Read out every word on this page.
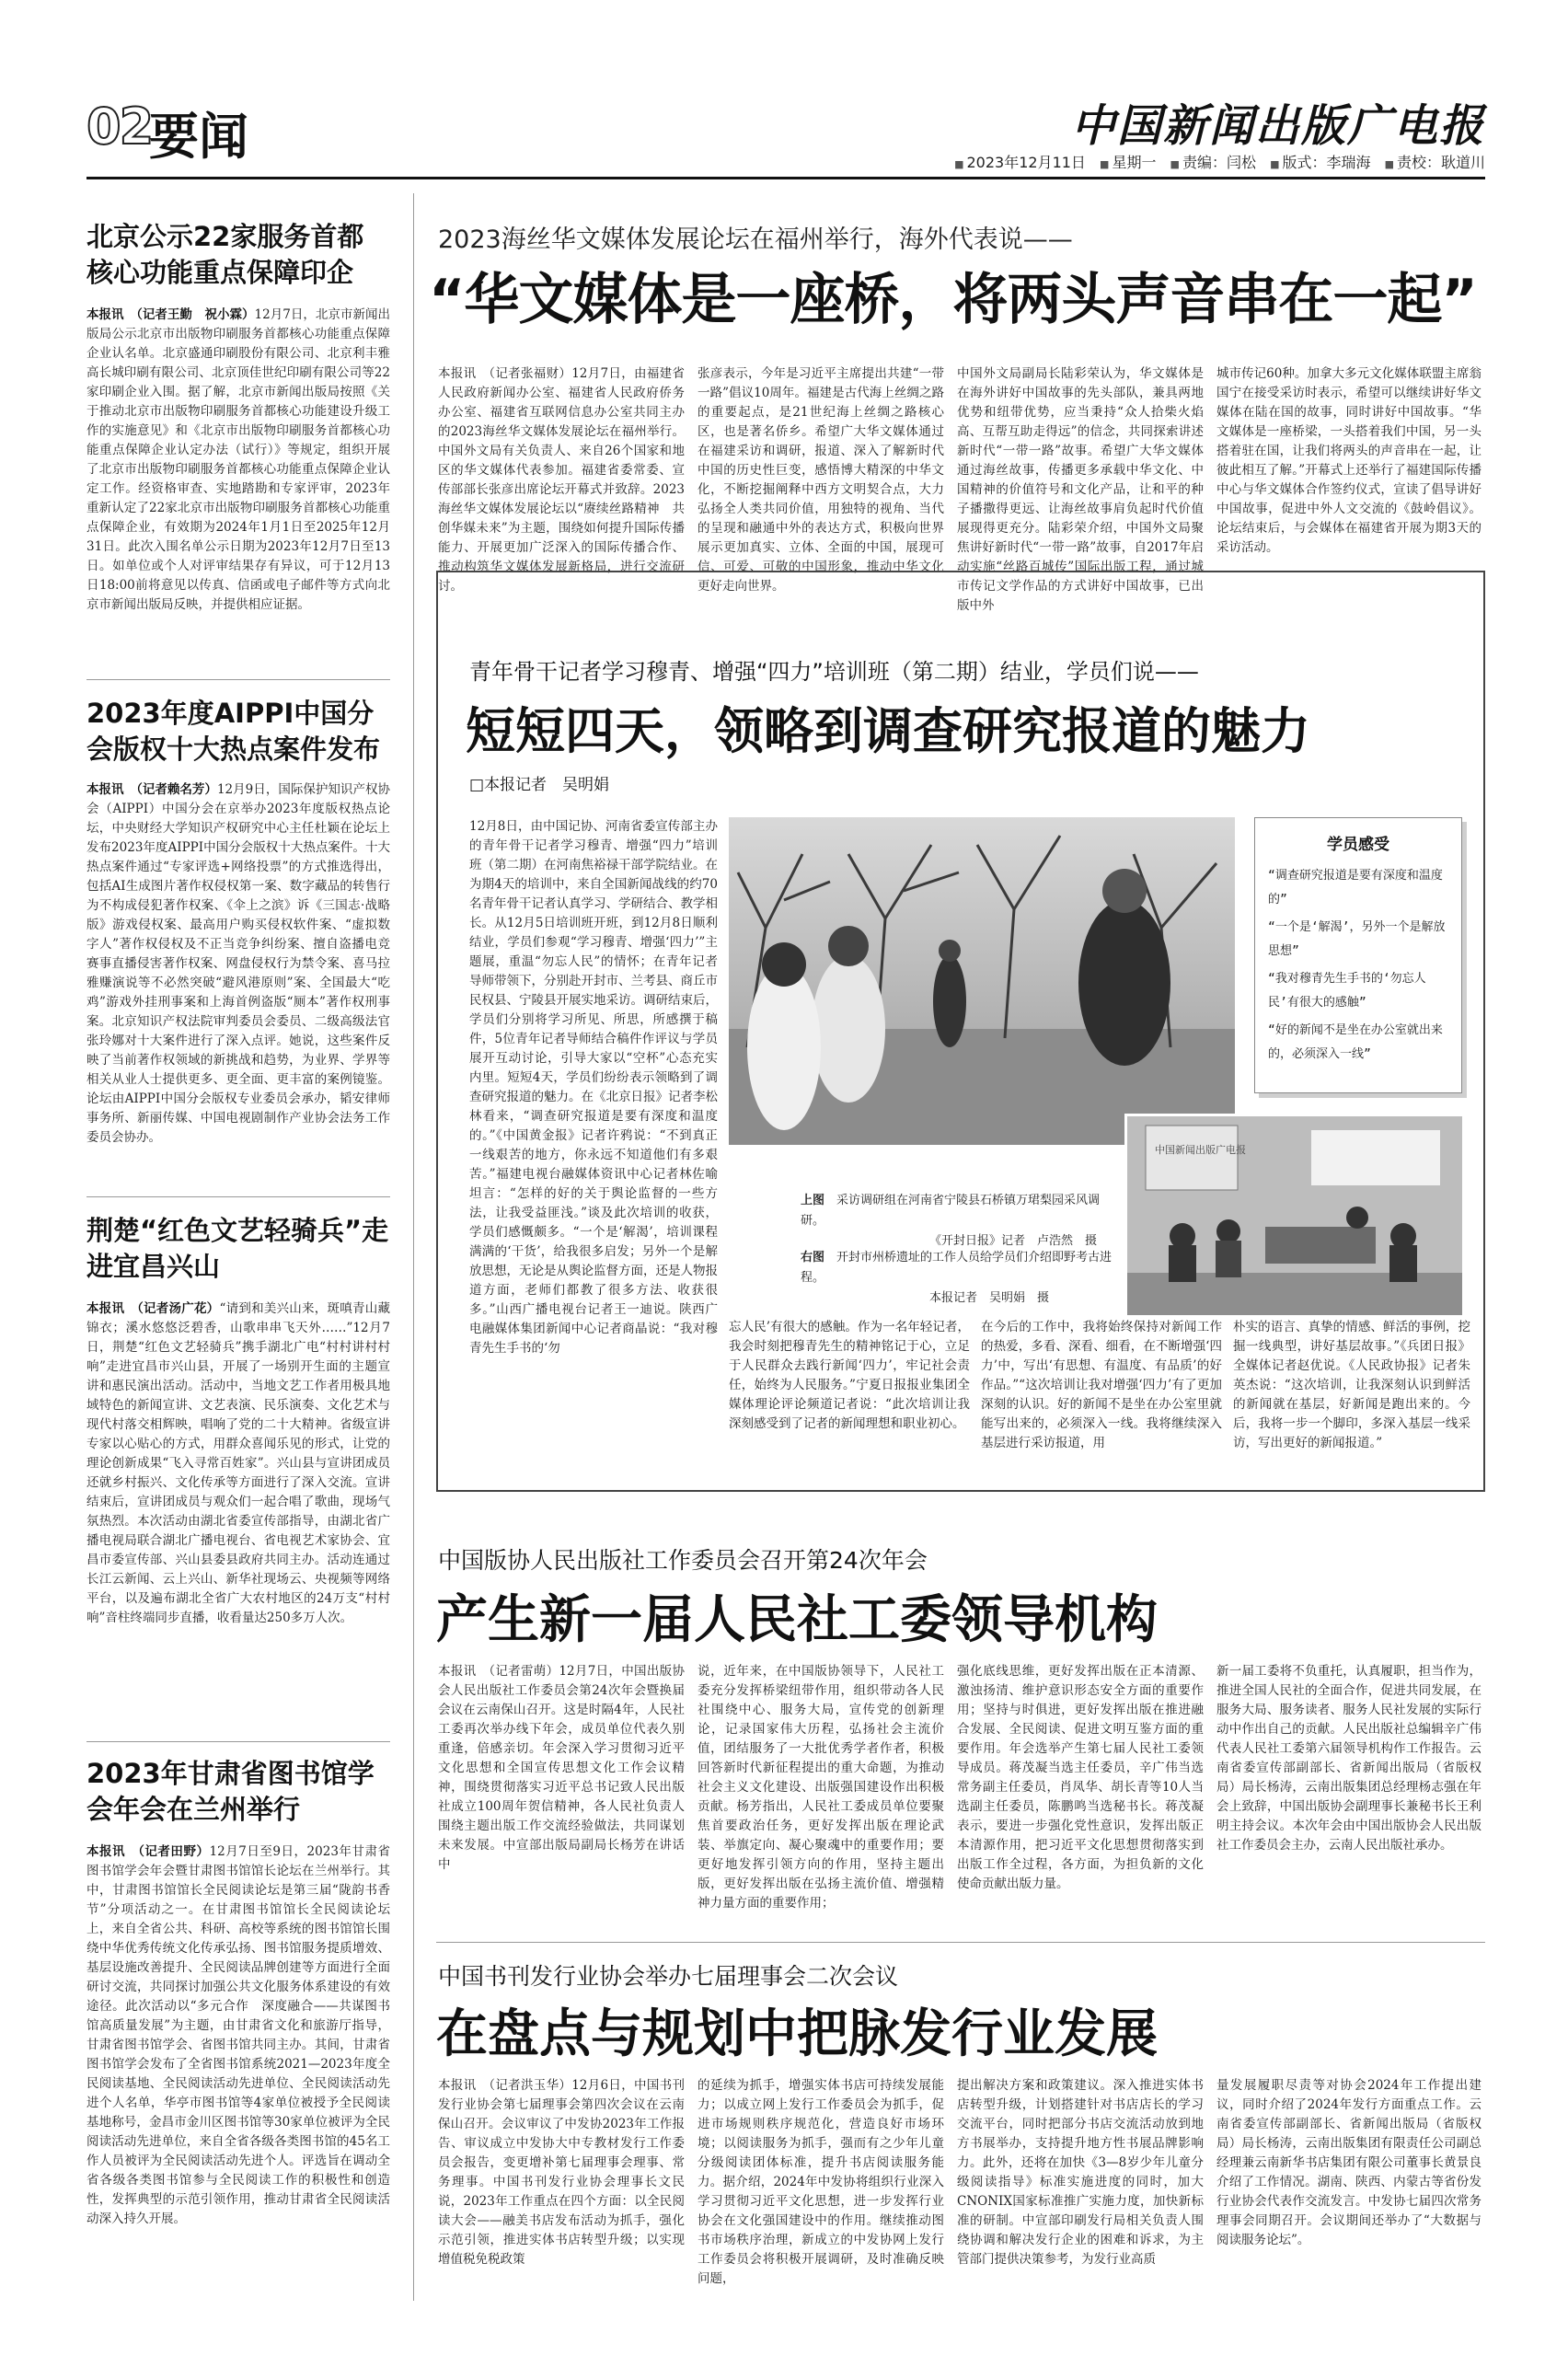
02
要闻	中国新闻出版广电报
■ 2023年12月11日 ■ 星期一 ■ 责编：闫松 ■ 版式：李瑞海 ■ 责校：耿道川
北京公示22家服务首都核心功能重点保障印企
本报讯　（记者王勤　祝小霖）12月7日，北京市新闻出版局公示北京市出版物印刷服务首都核心功能重点保障企业认名单。北京盛通印刷股份有限公司、北京利丰雅高长城印刷有限公司、北京顶佳世纪印刷有限公司等22家印刷企业入围。据了解，北京市新闻出版局按照《关于推动北京市出版物印刷服务首都核心功能建设升级工作的实施意见》和《北京市出版物印刷服务首都核心功能重点保障企业认定办法（试行）》等规定，组织开展了北京市出版物印刷服务首都核心功能重点保障企业认定工作。经资格审查、实地踏勘和专家评审，2023年重新认定了22家北京市出版物印刷服务首都核心功能重点保障企业，有效期为2024年1月1日至2025年12月31日。此次入围名单公示日期为2023年12月7日至13日。如单位或个人对评审结果存有异议，可于12月13日18:00前将意见以传真、信函或电子邮件等方式向北京市新闻出版局反映，并提供相应证据。
2023年度AIPPI中国分会版权十大热点案件发布
本报讯　（记者赖名芳）12月9日，国际保护知识产权协会（AIPPI）中国分会在京举办2023年度版权热点论坛，中央财经大学知识产权研究中心主任杜颖在论坛上发布2023年度AIPPI中国分会版权十大热点案件。十大热点案件通过“专家评选+网络投票”的方式推选得出，包括AI生成图片著作权侵权第一案、数字藏品的转售行为不构成侵犯著作权案、《伞上之滨》诉《三国志·战略版》游戏侵权案、最高用户购买侵权软件案、“虚拟数字人”著作权侵权及不正当竞争纠纷案、擅自盗播电竞赛事直播侵害著作权案、网盘侵权行为禁令案、喜马拉雅赚演说等不必然突破“避风港原则”案、全国最大“吃鸡”游戏外挂刑事案和上海首例盗版“厕本”著作权刑事案。北京知识产权法院审判委员会委员、二级高级法官张玲娜对十大案件进行了深入点评。她说，这些案件反映了当前著作权领域的新挑战和趋势，为业界、学界等相关从业人士提供更多、更全面、更丰富的案例镜鉴。论坛由AIPPI中国分会版权专业委员会承办，韬安律师事务所、新丽传媒、中国电视剧制作产业协会法务工作委员会协办。
荆楚“红色文艺轻骑兵”走进宜昌兴山
本报讯　（记者汤广花）“请到和美兴山来，斑嗔青山藏锦衣；溪水悠悠泛碧香，山歌串串飞天外……”12月7日，荆楚“红色文艺轻骑兵”携手湖北广电“村村讲村村响”走进宜昌市兴山县，开展了一场别开生面的主题宣讲和惠民演出活动。活动中，当地文艺工作者用极具地域特色的新闻宣讲、文艺表演、民乐演奏、文化艺术与现代村落交相辉映，唱响了党的二十大精神。省级宣讲专家以心贴心的方式，用群众喜闻乐见的形式，让党的理论创新成果“飞入寻常百姓家”。兴山县与宣讲团成员还就乡村振兴、文化传承等方面进行了深入交流。宣讲结束后，宣讲团成员与观众们一起合唱了歌曲，现场气氛热烈。本次活动由湖北省委宣传部指导，由湖北省广播电视局联合湖北广播电视台、省电视艺术家协会、宜昌市委宣传部、兴山县委县政府共同主办。活动连通过长江云新闻、云上兴山、新华社现场云、央视频等网络平台，以及遍布湖北全省广大农村地区的24万支“村村响”音柱终端同步直播，收看量达250多万人次。
2023年甘肃省图书馆学会年会在兰州举行
本报讯　（记者田野）12月7日至9日，2023年甘肃省图书馆学会年会暨甘肃图书馆馆长论坛在兰州举行。其中，甘肃图书馆馆长全民阅读论坛是第三届“陇韵书香节”分项活动之一。在甘肃图书馆馆长全民阅读论坛上，来自全省公共、科研、高校等系统的图书馆馆长围绕中华优秀传统文化传承弘扬、图书馆服务提质增效、基层设施改善提升、全民阅读品牌创建等方面进行全面研讨交流，共同探讨加强公共文化服务体系建设的有效途径。此次活动以“多元合作　深度融合——共谋图书馆高质量发展”为主题，由甘肃省文化和旅游厅指导，甘肃省图书馆学会、省图书馆共同主办。其间，甘肃省图书馆学会发布了全省图书馆系统2021—2023年度全民阅读基地、全民阅读活动先进单位、全民阅读活动先进个人名单，华亭市图书馆等4家单位被授予全民阅读基地称号，金昌市金川区图书馆等30家单位被评为全民阅读活动先进单位，来自全省各级各类图书馆的45名工作人员被评为全民阅读活动先进个人。评选旨在调动全省各级各类图书馆参与全民阅读工作的积极性和创造性，发挥典型的示范引领作用，推动甘肃省全民阅读活动深入持久开展。
2023海丝华文媒体发展论坛在福州举行，海外代表说——
“华文媒体是一座桥，将两头声音串在一起”
本报讯　（记者张福财）12月7日，由福建省人民政府新闻办公室、福建省人民政府侨务办公室、福建省互联网信息办公室共同主办的2023海丝华文媒体发展论坛在福州举行。中国外文局有关负责人、来自26个国家和地区的华文媒体代表参加。福建省委常委、宣传部部长张彦出席论坛开幕式并致辞。2023海丝华文媒体发展论坛以“赓续丝路精神　共创华媒未来”为主题，围绕如何提升国际传播能力、开展更加广泛深入的国际传播合作、推动构筑华文媒体发展新格局，进行交流研讨。
张彦表示，今年是习近平主席提出共建“一带一路”倡议10周年。福建是古代海上丝绸之路的重要起点，是21世纪海上丝绸之路核心区，也是著名侨乡。希望广大华文媒体通过在福建采访和调研，报道、深入了解新时代中国的历史性巨变，感悟博大精深的中华文化，不断挖掘阐释中西方文明契合点，大力弘扬全人类共同价值，用独特的视角、当代的呈现和融通中外的表达方式，积极向世界展示更加真实、立体、全面的中国，展现可信、可爱、可敬的中国形象，推动中华文化更好走向世界。
中国外文局副局长陆彩荣认为，华文媒体是在海外讲好中国故事的先头部队，兼具两地优势和纽带优势，应当秉持“众人拾柴火焰高、互帮互助走得远”的信念，共同探索讲述新时代“一带一路”故事。希望广大华文媒体通过海丝故事，传播更多承载中华文化、中国精神的价值符号和文化产品，让和平的种子播撒得更远、让海丝故事肩负起时代价值展现得更充分。陆彩荣介绍，中国外文局聚焦讲好新时代“一带一路”故事，自2017年启动实施“丝路百城传”国际出版工程，通过城市传记文学作品的方式讲好中国故事，已出版中外
城市传记60种。加拿大多元文化媒体联盟主席翁国宁在接受采访时表示，希望可以继续讲好华文媒体在陆在国的故事，同时讲好中国故事。“华文媒体是一座桥梁，一头搭着我们中国，另一头搭着驻在国，让我们将两头的声音串在一起，让彼此相互了解。”开幕式上还举行了福建国际传播中心与华文媒体合作签约仪式，宣读了倡导讲好中国故事，促进中外人文交流的《鼓岭倡议》。论坛结束后，与会媒体在福建省开展为期3天的采访活动。
青年骨干记者学习穆青、增强“四力”培训班（第二期）结业，学员们说——
短短四天，领略到调查研究报道的魅力
□本报记者　吴明娟
12月8日，由中国记协、河南省委宣传部主办的青年骨干记者学习穆青、增强“四力”培训班（第二期）在河南焦裕禄干部学院结业。在为期4天的培训中，来自全国新闻战线的约70名青年骨干记者认真学习、学研结合、教学相长。从12月5日培训班开班，到12月8日顺利结业，学员们参观“学习穆青、增强‘四力’”主题展，重温“勿忘人民”的情怀；在青年记者导师带领下，分别赴开封市、兰考县、商丘市民权县、宁陵县开展实地采访。调研结束后，学员们分别将学习所见、所思，所感撰于稿件，5位青年记者导师结合稿件作评议与学员展开互动讨论，引导大家以“空杯”心态充实内里。短短4天，学员们纷纷表示领略到了调查研究报道的魅力。在《北京日报》记者李松林看来，“调查研究报道是要有深度和温度的。”《中国黄金报》记者许鸦说：“不到真正一线艰苦的地方，你永远不知道他们有多艰苦。”福建电视台融媒体资讯中心记者林佐喻坦言：“怎样的好的关于舆论监督的一些方法，让我受益匪浅。”谈及此次培训的收获，学员们感慨颇多。“一个是‘解渴’，培训课程满满的‘干货’，给我很多启发；另外一个是解放思想，无论是从舆论监督方面，还是人物报道方面，老师们都教了很多方法、收获很多。”山西广播电视台记者王一迪说。陕西广电融媒体集团新闻中心记者商晶说：“我对穆青先生手书的‘勿
学员感受
“调查研究报道是要有深度和温度的”
“一个是‘解渴’，另外一个是解放思想”
“我对穆青先生手书的‘勿忘人民’有很大的感触”
“好的新闻不是坐在办公室就出来的，必须深入一线”
中国新闻出版广电报
上图　 采访调研组在河南省宁陵县石桥镇万珺梨园采风调研。
《开封日报》记者　卢浩然　摄
右图　 开封市州桥遗址的工作人员给学员们介绍即野考古进程。
本报记者　吴明娟　摄
忘人民’有很大的感触。作为一名年轻记者，我会时刻把穆青先生的精神铭记于心，立足于人民群众去践行新闻‘四力’，牢记社会责任，始终为人民服务。”宁夏日报报业集团全媒体理论评论频道记者说：“此次培训让我深刻感受到了记者的新闻理想和职业初心。
在今后的工作中，我将始终保持对新闻工作的热爱，多看、深看、细看，在不断增强‘四力’中，写出‘有思想、有温度、有品质’的好作品。”“这次培训让我对增强‘四力’有了更加深刻的认识。好的新闻不是坐在办公室里就能写出来的，必须深入一线。我将继续深入基层进行采访报道，用
朴实的语言、真挚的情感、鲜活的事例，挖掘一线典型，讲好基层故事。”《兵团日报》全媒体记者赵优说。《人民政协报》记者朱英杰说：“这次培训，让我深刻认识到鲜活的新闻就在基层，好新闻是跑出来的。今后，我将一步一个脚印，多深入基层一线采访，写出更好的新闻报道。”
中国版协人民出版社工作委员会召开第24次年会
产生新一届人民社工委领导机构
本报讯　（记者雷萌）12月7日，中国出版协会人民出版社工作委员会第24次年会暨换届会议在云南保山召开。这是时隔4年，人民社工委再次举办线下年会，成员单位代表久别重逢，倍感亲切。年会深入学习贯彻习近平文化思想和全国宣传思想文化工作会议精神，围绕贯彻落实习近平总书记致人民出版社成立100周年贺信精神，各人民社负责人围绕主题出版工作交流经验做法，共同谋划未来发展。中宣部出版局副局长杨芳在讲话中
说，近年来，在中国版协领导下，人民社工委充分发挥桥梁纽带作用，组织带动各人民社围绕中心、服务大局，宣传党的创新理论，记录国家伟大历程，弘扬社会主流价值，团结服务了一大批优秀学者作者，积极回答新时代新征程提出的重大命题，为推动社会主义文化建设、出版强国建设作出积极贡献。杨芳指出，人民社工委成员单位要聚焦首要政治任务，更好发挥出版在理论武装、举旗定向、凝心聚魂中的重要作用；要更好地发挥引领方向的作用，坚持主题出版，更好发挥出版在弘扬主流价值、增强精神力量方面的重要作用；
强化底线思维，更好发挥出版在正本清源、激浊扬清、维护意识形态安全方面的重要作用；坚持与时俱进，更好发挥出版在推进融合发展、全民阅读、促进文明互鉴方面的重要作用。年会选举产生第七届人民社工委领导成员。蒋茂凝当选主任委员，辛广伟当选常务副主任委员，肖凤华、胡长青等10人当选副主任委员，陈鹏鸣当选秘书长。蒋茂凝表示，要进一步强化党性意识，发挥出版正本清源作用，把习近平文化思想贯彻落实到出版工作全过程，各方面，为担负新的文化使命贡献出版力量。
新一届工委将不负重托，认真履职，担当作为，推进全国人民社的全面合作，促进共同发展，在服务大局、服务读者、服务人民社发展的实际行动中作出自己的贡献。人民出版社总编辑辛广伟代表人民社工委第六届领导机构作工作报告。云南省委宣传部副部长、省新闻出版局（省版权局）局长杨涛，云南出版集团总经理杨志强在年会上致辞，中国出版协会副理事长兼秘书长王利明主持会议。本次年会由中国出版协会人民出版社工作委员会主办，云南人民出版社承办。
中国书刊发行业协会举办七届理事会二次会议
在盘点与规划中把脉发行业发展
本报讯　（记者洪玉华）12月6日，中国书刊发行业协会第七届理事会第四次会议在云南保山召开。会议审议了中发协2023年工作报告、审议成立中发协大中专教材发行工作委员会报告，变更增补第七届理事会理事、常务理事。中国书刊发行业协会理事长文民说，2023年工作重点在四个方面：以全民阅读大会——融美书店发布活动为抓手，强化示范引领，推进实体书店转型升级；以实现增值税免税政策
的延续为抓手，增强实体书店可持续发展能力；以成立网上发行工作委员会为抓手，促进市场规则秩序规范化，营造良好市场环境；以阅读服务为抓手，强而有之少年儿童分级阅读团体标准，提升书店阅读服务能力。据介绍，2024年中发协将组织行业深入学习贯彻习近平文化思想，进一步发挥行业协会在文化强国建设中的作用。继续推动图书市场秩序治理，新成立的中发协网上发行工作委员会将积极开展调研，及时准确反映问题，
提出解决方案和政策建议。深入推进实体书店转型升级，计划搭建针对书店店长的学习交流平台，同时把部分书店交流活动放到地方书展举办，支持提升地方性书展品牌影响力。此外，还将在加快《3—8岁少年儿童分级阅读指导》标准实施进度的同时，加大CNONIX国家标准推广实施力度，加快新标准的研制。中宣部印刷发行局相关负责人围绕协调和解决发行企业的困难和诉求，为主管部门提供决策参考，为发行业高质
量发展履职尽责等对协会2024年工作提出建议，同时介绍了2024年发行方面重点工作。云南省委宣传部副部长、省新闻出版局（省版权局）局长杨涛，云南出版集团有限责任公司副总经理兼云南新华书店集团有限公司董事长黄景良介绍了工作情况。湖南、陕西、内蒙古等省份发行业协会代表作交流发言。中发协七届四次常务理事会同期召开。会议期间还举办了“大数据与阅读服务论坛”。
